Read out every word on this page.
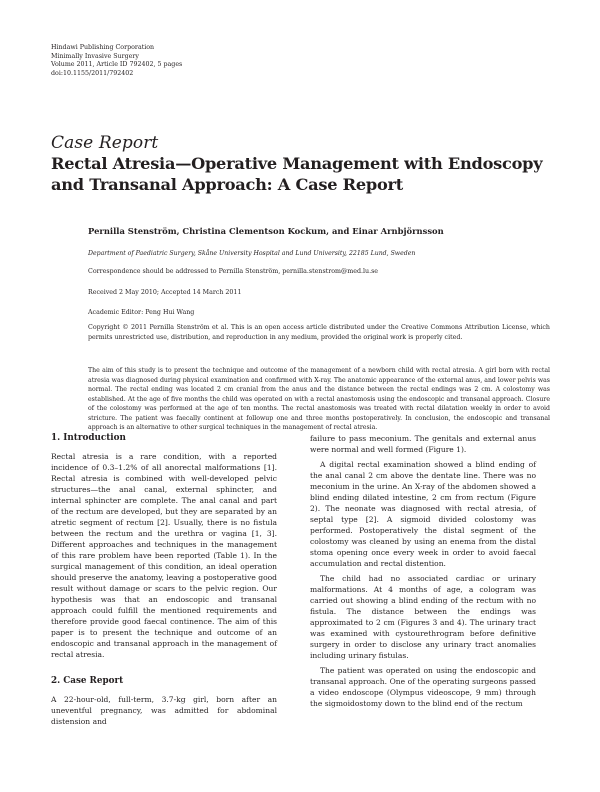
Hindawi Publishing Corporation
Minimally Invasive Surgery
Volume 2011, Article ID 792402, 5 pages
doi:10.1155/2011/792402
Case Report
Rectal Atresia—Operative Management with Endoscopy and Transanal Approach: A Case Report
Pernilla Stenström, Christina Clementson Kockum, and Einar Arnbjörnsson
Department of Paediatric Surgery, Skåne University Hospital and Lund University, 22185 Lund, Sweden
Correspondence should be addressed to Pernilla Stenström, pernilla.stenstrom@med.lu.se
Received 2 May 2010; Accepted 14 March 2011
Academic Editor: Peng Hui Wang
Copyright © 2011 Pernilla Stenström et al. This is an open access article distributed under the Creative Commons Attribution License, which permits unrestricted use, distribution, and reproduction in any medium, provided the original work is properly cited.
The aim of this study is to present the technique and outcome of the management of a newborn child with rectal atresia. A girl born with rectal atresia was diagnosed during physical examination and confirmed with X-ray. The anatomic appearance of the external anus, and lower pelvis was normal. The rectal ending was located 2 cm cranial from the anus and the distance between the rectal endings was 2 cm. A colostomy was established. At the age of five months the child was operated on with a rectal anastomosis using the endoscopic and transanal approach. Closure of the colostomy was performed at the age of ten months. The rectal anastomosis was treated with rectal dilatation weekly in order to avoid stricture. The patient was faecally continent at followup one and three months postoperatively. In conclusion, the endoscopic and transanal approach is an alternative to other surgical techniques in the management of rectal atresia.
1. Introduction

Rectal atresia is a rare condition, with a reported incidence of 0.3–1.2% of all anorectal malformations [1]. Rectal atresia is combined with well-developed pelvic structures—the anal canal, external sphincter, and internal sphincter are complete. The anal canal and part of the rectum are developed, but they are separated by an atretic segment of rectum [2]. Usually, there is no fistula between the rectum and the urethra or vagina [1, 3]. Different approaches and techniques in the management of this rare problem have been reported (Table 1). In the surgical management of this condition, an ideal operation should preserve the anatomy, leaving a postoperative good result without damage or scars to the pelvic region. Our hypothesis was that an endoscopic and transanal approach could fulfill the mentioned requirements and therefore provide good faecal continence. The aim of this paper is to present the technique and outcome of an endoscopic and transanal approach in the management of rectal atresia.

2. Case Report

A 22-hour-old, full-term, 3.7-kg girl, born after an uneventful pregnancy, was admitted for abdominal distension and

failure to pass meconium. The genitals and external anus were normal and well formed (Figure 1).

A digital rectal examination showed a blind ending of the anal canal 2 cm above the dentate line. There was no meconium in the urine. An X-ray of the abdomen showed a blind ending dilated intestine, 2 cm from rectum (Figure 2). The neonate was diagnosed with rectal atresia, of septal type [2]. A sigmoid divided colostomy was performed. Postoperatively the distal segment of the colostomy was cleaned by using an enema from the distal stoma opening once every week in order to avoid faecal accumulation and rectal distention.

The child had no associated cardiac or urinary malformations. At 4 months of age, a cologram was carried out showing a blind ending of the rectum with no fistula. The distance between the endings was approximated to 2 cm (Figures 3 and 4). The urinary tract was examined with cystourethrogram before definitive surgery in order to disclose any urinary tract anomalies including urinary fistulas.

The patient was operated on using the endoscopic and transanal approach. One of the operating surgeons passed a video endoscope (Olympus videoscope, 9 mm) through the sigmoidostomy down to the blind end of the rectum
